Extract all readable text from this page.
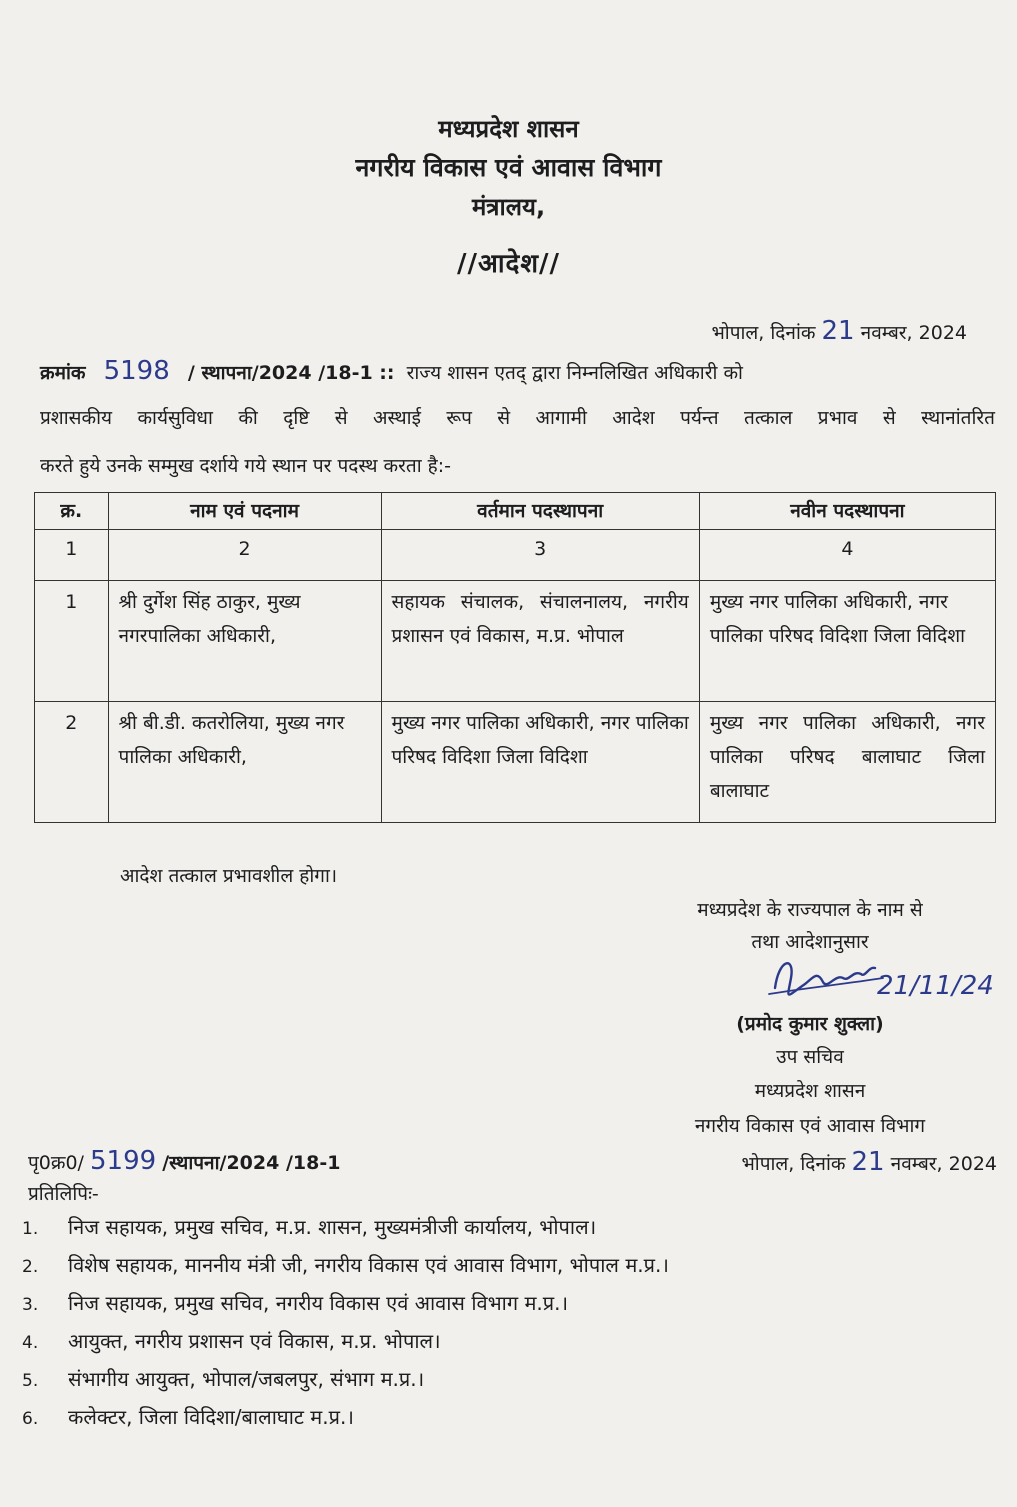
मध्यप्रदेश शासन
नगरीय विकास एवं आवास विभाग
मंत्रालय,
//आदेश//
भोपाल, दिनांक 21 नवम्बर, 2024
क्रमांक 5198 / स्थापना/2024 /18-1 :: राज्य शासन एतद् द्वारा निम्नलिखित अधिकारी को
प्रशासकीय कार्यसुविधा की दृष्टि से अस्थाई रूप से आगामी आदेश पर्यन्त तत्काल प्रभाव से स्थानांतरित
करते हुये उनके सम्मुख दर्शाये गये स्थान पर पदस्थ करता है:-
क्र.	नाम एवं पदनाम	वर्तमान पदस्थापना	नवीन पदस्थापना
1	2	3	4
1	श्री दुर्गेश सिंह ठाकुर, मुख्य नगरपालिका अधिकारी,	सहायक संचालक, संचालनालय, नगरीय प्रशासन एवं विकास, म.प्र. भोपाल	मुख्य नगर पालिका अधिकारी, नगर पालिका परिषद विदिशा जिला विदिशा
2	श्री बी.डी. कतरोलिया, मुख्य नगर पालिका अधिकारी,	मुख्य नगर पालिका अधिकारी, नगर पालिका परिषद विदिशा जिला विदिशा	मुख्य नगर पालिका अधिकारी, नगर पालिका परिषद बालाघाट जिला बालाघाट
आदेश तत्काल प्रभावशील होगा।
मध्यप्रदेश के राज्यपाल के नाम से
तथा आदेशानुसार
21/11/24
(प्रमोद कुमार शुक्ला)
उप सचिव
मध्यप्रदेश शासन
नगरीय विकास एवं आवास विभाग
भोपाल, दिनांक 21 नवम्बर, 2024
पृ0क्र0/ 5199 /स्थापना/2024 /18-1
प्रतिलिपिः-
1. निज सहायक, प्रमुख सचिव, म.प्र. शासन, मुख्यमंत्रीजी कार्यालय, भोपाल।
2. विशेष सहायक, माननीय मंत्री जी, नगरीय विकास एवं आवास विभाग, भोपाल म.प्र.।
3. निज सहायक, प्रमुख सचिव, नगरीय विकास एवं आवास विभाग म.प्र.।
4. आयुक्त, नगरीय प्रशासन एवं विकास, म.प्र. भोपाल।
5. संभागीय आयुक्त, भोपाल/जबलपुर, संभाग म.प्र.।
6. कलेक्टर, जिला विदिशा/बालाघाट म.प्र.।
